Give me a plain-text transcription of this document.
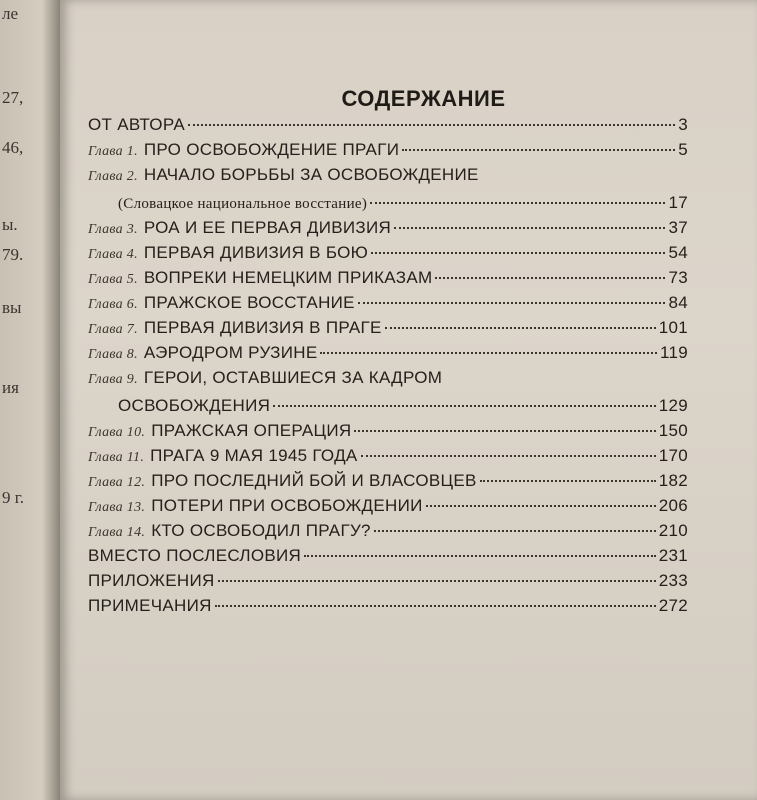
ле
27,
46,
ы.
79.
вы
ия
9 г.
СОДЕРЖАНИЕ
ОТ АВТОРА	3
Глава 1. ПРО ОСВОБОЖДЕНИЕ ПРАГИ	5
Глава 2. НАЧАЛО БОРЬБЫ ЗА ОСВОБОЖДЕНИЕ
(Словацкое национальное восстание)	17
Глава 3. РОА И ЕЕ ПЕРВАЯ ДИВИЗИЯ	37
Глава 4. ПЕРВАЯ ДИВИЗИЯ В БОЮ	54
Глава 5. ВОПРЕКИ НЕМЕЦКИМ ПРИКАЗАМ	73
Глава 6. ПРАЖСКОЕ ВОССТАНИЕ	84
Глава 7. ПЕРВАЯ ДИВИЗИЯ В ПРАГЕ	101
Глава 8. АЭРОДРОМ РУЗИНЕ	119
Глава 9. ГЕРОИ, ОСТАВШИЕСЯ ЗА КАДРОМ
ОСВОБОЖДЕНИЯ	129
Глава 10. ПРАЖСКАЯ ОПЕРАЦИЯ	150
Глава 11. ПРАГА 9 МАЯ 1945 ГОДА	170
Глава 12. ПРО ПОСЛЕДНИЙ БОЙ И ВЛАСОВЦЕВ	182
Глава 13. ПОТЕРИ ПРИ ОСВОБОЖДЕНИИ	206
Глава 14. КТО ОСВОБОДИЛ ПРАГУ?	210
ВМЕСТО ПОСЛЕСЛОВИЯ	231
ПРИЛОЖЕНИЯ	233
ПРИМЕЧАНИЯ	272
